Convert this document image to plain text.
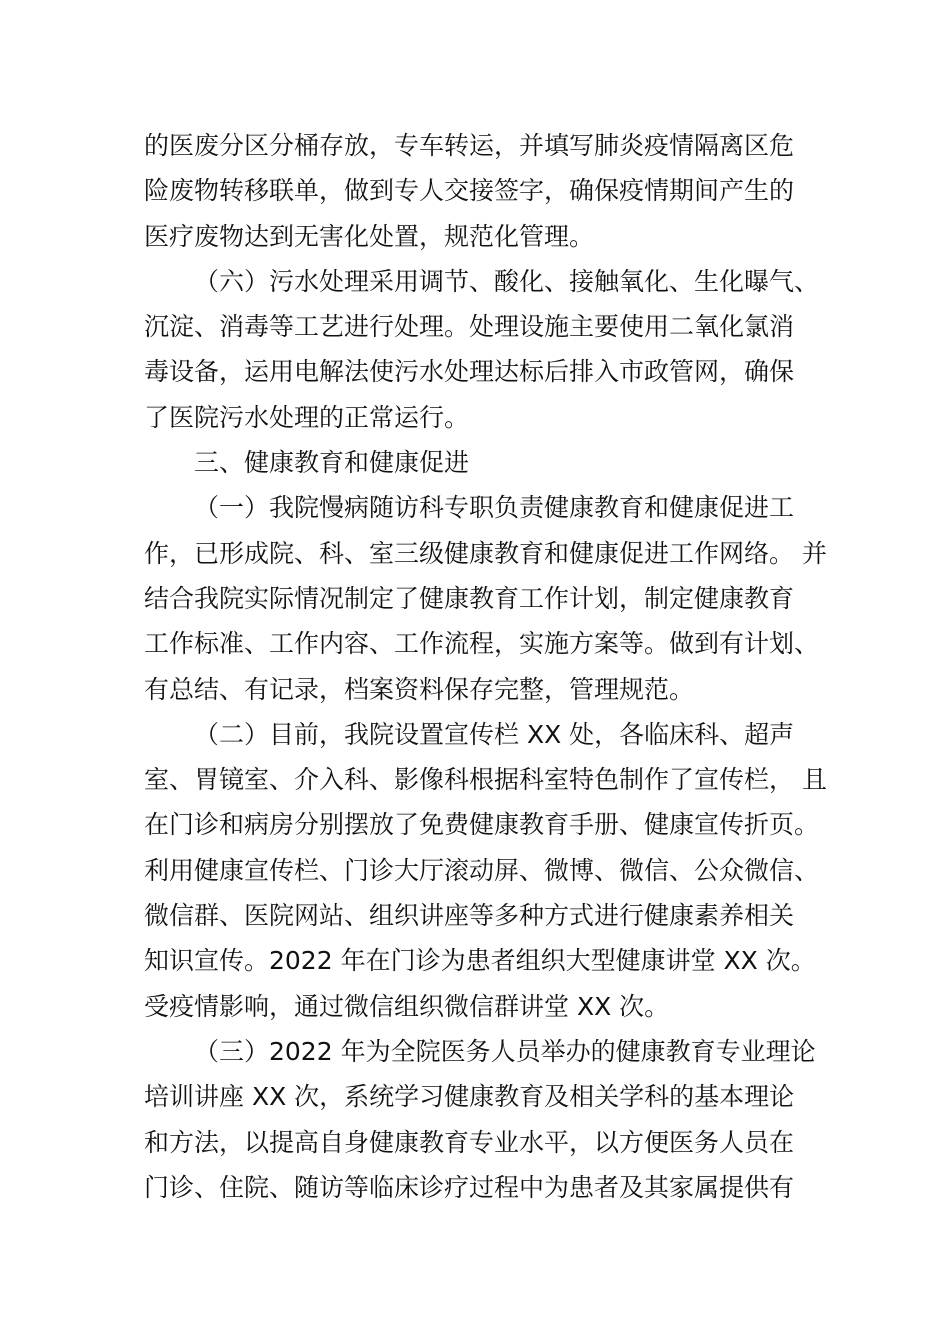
的医废分区分桶存放，专车转运，并填写肺炎疫情隔离区危
险废物转移联单，做到专人交接签字，确保疫情期间产生的
医疗废物达到无害化处置，规范化管理。
（六）污水处理采用调节、酸化、接触氧化、生化曝气、
沉淀、消毒等工艺进行处理。处理设施主要使用二氧化氯消
毒设备，运用电解法使污水处理达标后排入市政管网，确保
了医院污水处理的正常运行。
三、健康教育和健康促进
（一）我院慢病随访科专职负责健康教育和健康促进工
作，已形成院、科、室三级健康教育和健康促进工作网络。 并
结合我院实际情况制定了健康教育工作计划，制定健康教育
工作标准、工作内容、工作流程，实施方案等。做到有计划、
有总结、有记录，档案资料保存完整，管理规范。
（二）目前，我院设置宣传栏 XX 处，各临床科、超声
室、胃镜室、介入科、影像科根据科室特色制作了宣传栏， 且
在门诊和病房分别摆放了免费健康教育手册、健康宣传折页。
利用健康宣传栏、门诊大厅滚动屏、微博、微信、公众微信、
微信群、医院网站、组织讲座等多种方式进行健康素养相关
知识宣传。2022 年在门诊为患者组织大型健康讲堂 XX 次。
受疫情影响，通过微信组织微信群讲堂 XX 次。
（三）2022 年为全院医务人员举办的健康教育专业理论
培训讲座 XX 次，系统学习健康教育及相关学科的基本理论
和方法，以提高自身健康教育专业水平，以方便医务人员在
门诊、住院、随访等临床诊疗过程中为患者及其家属提供有
